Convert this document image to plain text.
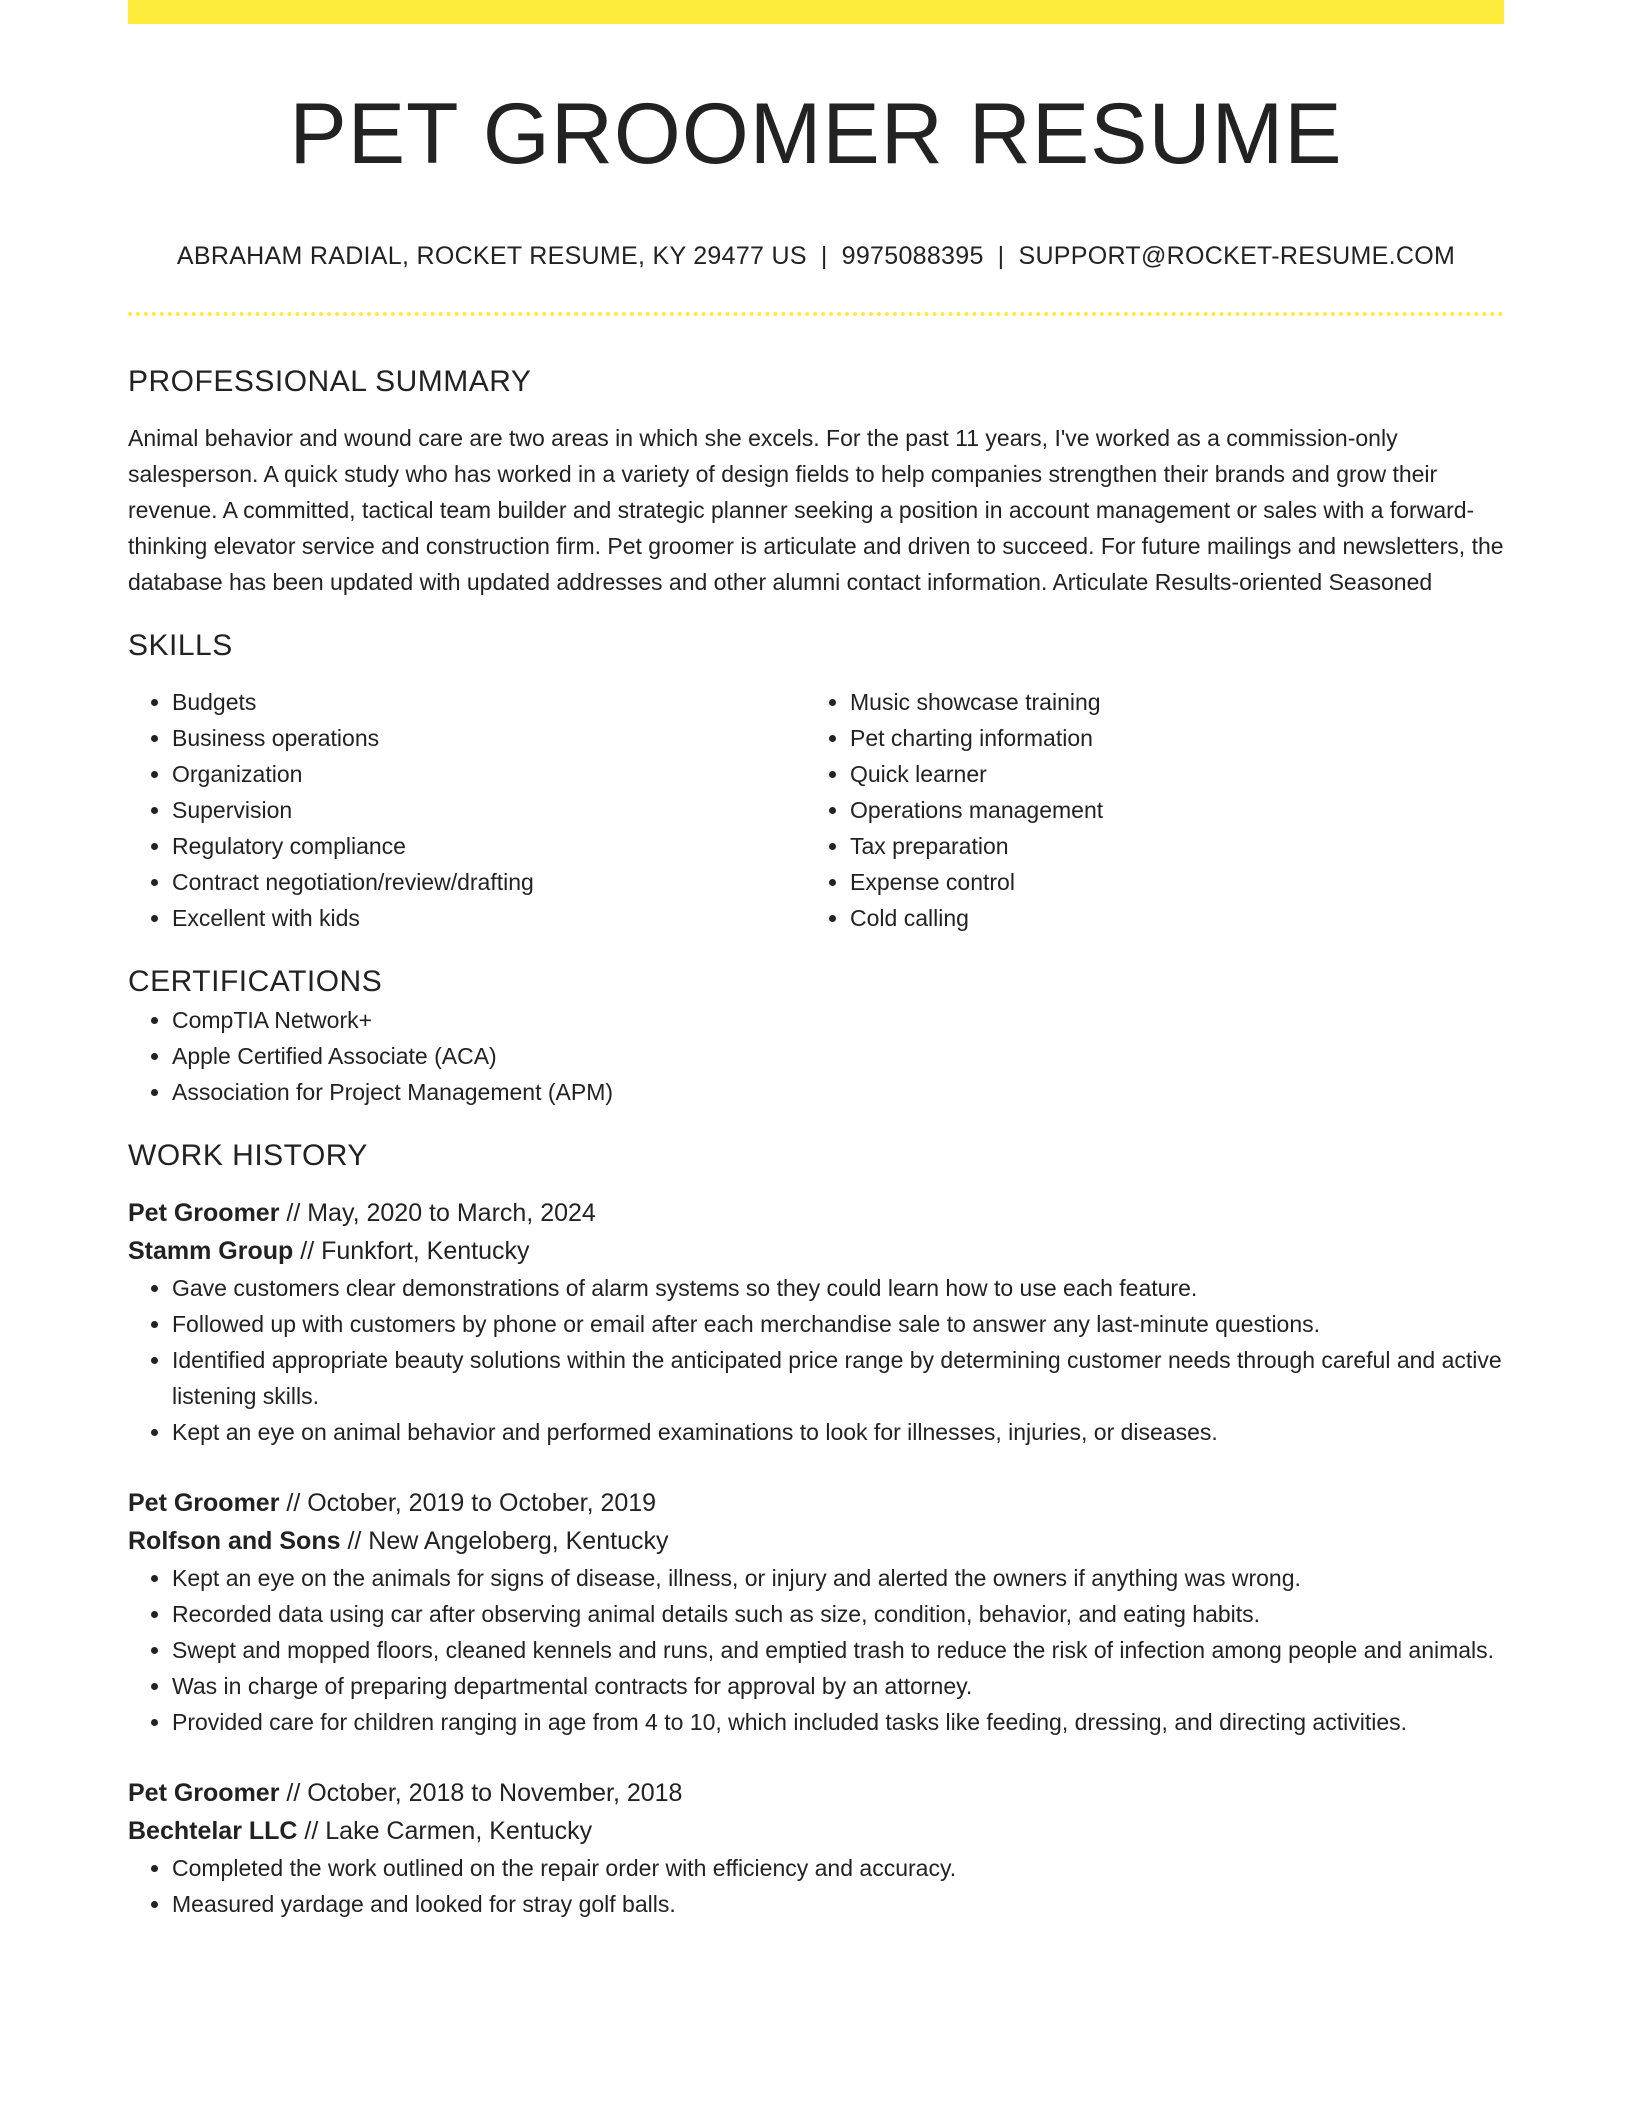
PET GROOMER RESUME
ABRAHAM RADIAL, ROCKET RESUME, KY 29477 US | 9975088395 | SUPPORT@ROCKET-RESUME.COM
PROFESSIONAL SUMMARY
Animal behavior and wound care are two areas in which she excels. For the past 11 years, I've worked as a commission-only salesperson. A quick study who has worked in a variety of design fields to help companies strengthen their brands and grow their revenue. A committed, tactical team builder and strategic planner seeking a position in account management or sales with a forward-thinking elevator service and construction firm. Pet groomer is articulate and driven to succeed. For future mailings and newsletters, the database has been updated with updated addresses and other alumni contact information. Articulate Results-oriented Seasoned
SKILLS
• Budgets
• Business operations
• Organization
• Supervision
• Regulatory compliance
• Contract negotiation/review/drafting
• Excellent with kids
• Music showcase training
• Pet charting information
• Quick learner
• Operations management
• Tax preparation
• Expense control
• Cold calling
CERTIFICATIONS
• CompTIA Network+
• Apple Certified Associate (ACA)
• Association for Project Management (APM)
WORK HISTORY
Pet Groomer // May, 2020 to March, 2024
Stamm Group // Funkfort, Kentucky
• Gave customers clear demonstrations of alarm systems so they could learn how to use each feature.
• Followed up with customers by phone or email after each merchandise sale to answer any last-minute questions.
• Identified appropriate beauty solutions within the anticipated price range by determining customer needs through careful and active listening skills.
• Kept an eye on animal behavior and performed examinations to look for illnesses, injuries, or diseases.
Pet Groomer // October, 2019 to October, 2019
Rolfson and Sons // New Angeloberg, Kentucky
• Kept an eye on the animals for signs of disease, illness, or injury and alerted the owners if anything was wrong.
• Recorded data using car after observing animal details such as size, condition, behavior, and eating habits.
• Swept and mopped floors, cleaned kennels and runs, and emptied trash to reduce the risk of infection among people and animals.
• Was in charge of preparing departmental contracts for approval by an attorney.
• Provided care for children ranging in age from 4 to 10, which included tasks like feeding, dressing, and directing activities.
Pet Groomer // October, 2018 to November, 2018
Bechtelar LLC // Lake Carmen, Kentucky
• Completed the work outlined on the repair order with efficiency and accuracy.
• Measured yardage and looked for stray golf balls.
